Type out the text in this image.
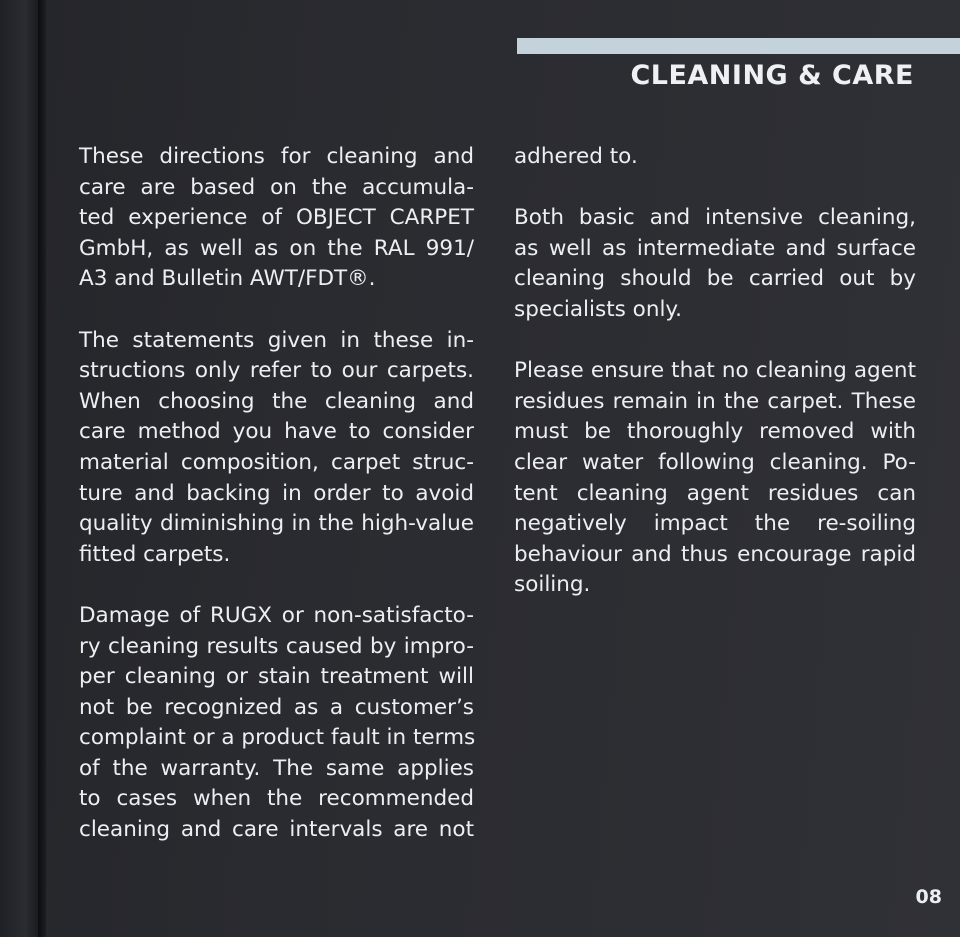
CLEANING & CARE

These directions for cleaning and
care are based on the accumula-
ted experience of OBJECT CARPET
GmbH, as well as on the RAL 991/
A3 and Bulletin AWT/FDT®.

The statements given in these in-
structions only refer to our carpets.
When choosing the cleaning and
care method you have to consider
material composition, carpet struc-
ture and backing in order to avoid
quality diminishing in the high-value
fitted carpets.

Damage of RUGX or non-satisfacto-
ry cleaning results caused by impro-
per cleaning or stain treatment will
not be recognized as a customer’s
complaint or a product fault in terms
of the warranty. The same applies
to cases when the recommended
cleaning and care intervals are not

adhered to.

Both basic and intensive cleaning,
as well as intermediate and surface
cleaning should be carried out by
specialists only.

Please ensure that no cleaning agent
residues remain in the carpet. These
must be thoroughly removed with
clear water following cleaning. Po-
tent cleaning agent residues can
negatively impact the re-soiling
behaviour and thus encourage rapid
soiling.

08
